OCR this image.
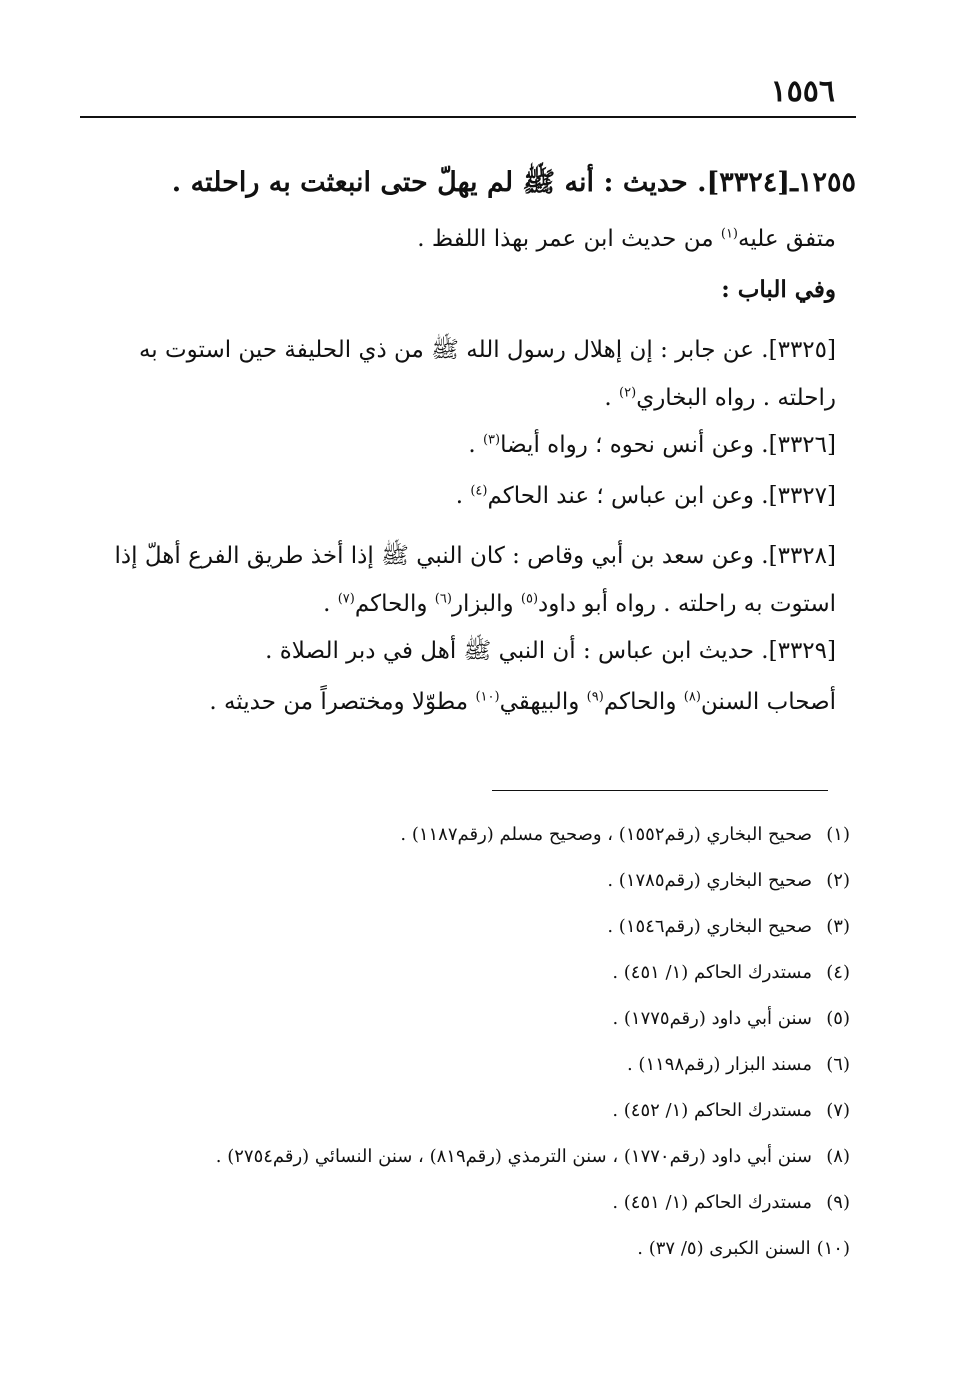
١٥٥٦
١٢٥٥ـ[٣٣٢٤]. حديث : أنه ﷺ لم يهلّ حتى انبعثت به راحلته .
متفق عليه$^{(١)}$ من حديث ابن عمر بهذا اللفظ .
وفي الباب :
[٣٣٢٥]. عن جابر : إن إهلال رسول الله ﷺ من ذي الحليفة حين استوت به راحلته . رواه البخاري$^{(٢)}$ .
[٣٣٢٦]. وعن أنس نحوه ؛ رواه أيضا$^{(٣)}$ .
[٣٣٢٧]. وعن ابن عباس ؛ عند الحاكم$^{(٤)}$ .
[٣٣٢٨]. وعن سعد بن أبي وقاص : كان النبي ﷺ إذا أخذ طريق الفرع أهلّ إذا استوت به راحلته . رواه أبو داود$^{(٥)}$ والبزار$^{(٦)}$ والحاكم$^{(٧)}$ .
[٣٣٢٩]. حديث ابن عباس : أن النبي ﷺ أهل في دبر الصلاة .
أصحاب السنن$^{(٨)}$ والحاكم$^{(٩)}$ والبيهقي$^{(١٠)}$ مطوّلا ومختصراً من حديثه .
(١)صحيح البخاري (رقم١٥٥٢) ، وصحيح مسلم (رقم١١٨٧) .
(٢)صحيح البخاري (رقم١٧٨٥) .
(٣)صحيح البخاري (رقم١٥٤٦) .
(٤)مستدرك الحاكم (١/ ٤٥١) .
(٥)سنن أبي داود (رقم١٧٧٥) .
(٦)مسند البزار (رقم١١٩٨) .
(٧)مستدرك الحاكم (١/ ٤٥٢) .
(٨)سنن أبي داود (رقم١٧٧٠) ، سنن الترمذي (رقم٨١٩) ، سنن النسائي (رقم٢٧٥٤) .
(٩)مستدرك الحاكم (١/ ٤٥١) .
(١٠)السنن الكبرى (٥/ ٣٧) .
